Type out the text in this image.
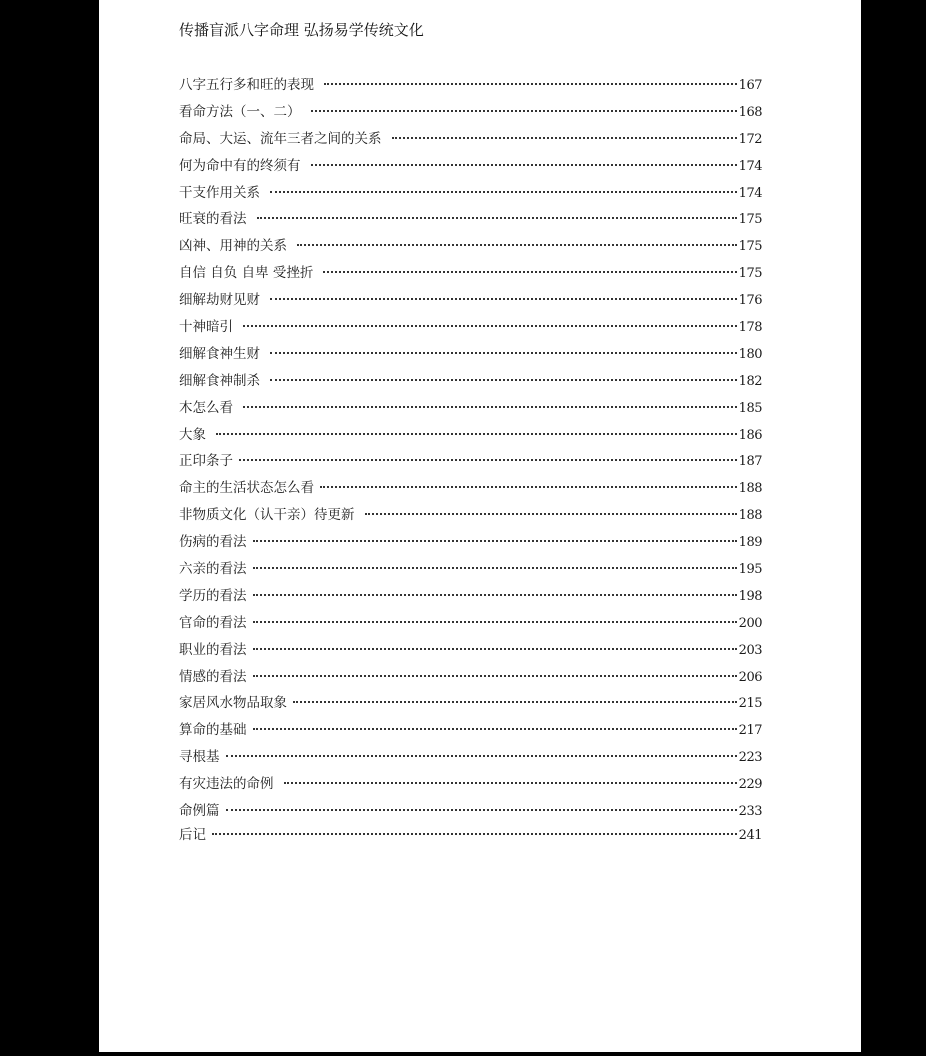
传播盲派八字命理 弘扬易学传统文化
八字五行多和旺的表现	167
看命方法（一、二）	168
命局、大运、流年三者之间的关系	172
何为命中有的终须有	174
干支作用关系	174
旺衰的看法	175
凶神、用神的关系	175
自信 自负 自卑 受挫折	175
细解劫财见财	176
十神暗引	178
细解食神生财	180
细解食神制杀	182
木怎么看	185
大象	186
正印条子	187
命主的生活状态怎么看	188
非物质文化（认干亲）待更新	188
伤病的看法	189
六亲的看法	195
学历的看法	198
官命的看法	200
职业的看法	203
情感的看法	206
家居风水物品取象	215
算命的基础	217
寻根基	223
有灾违法的命例	229
命例篇	233
后记	241
